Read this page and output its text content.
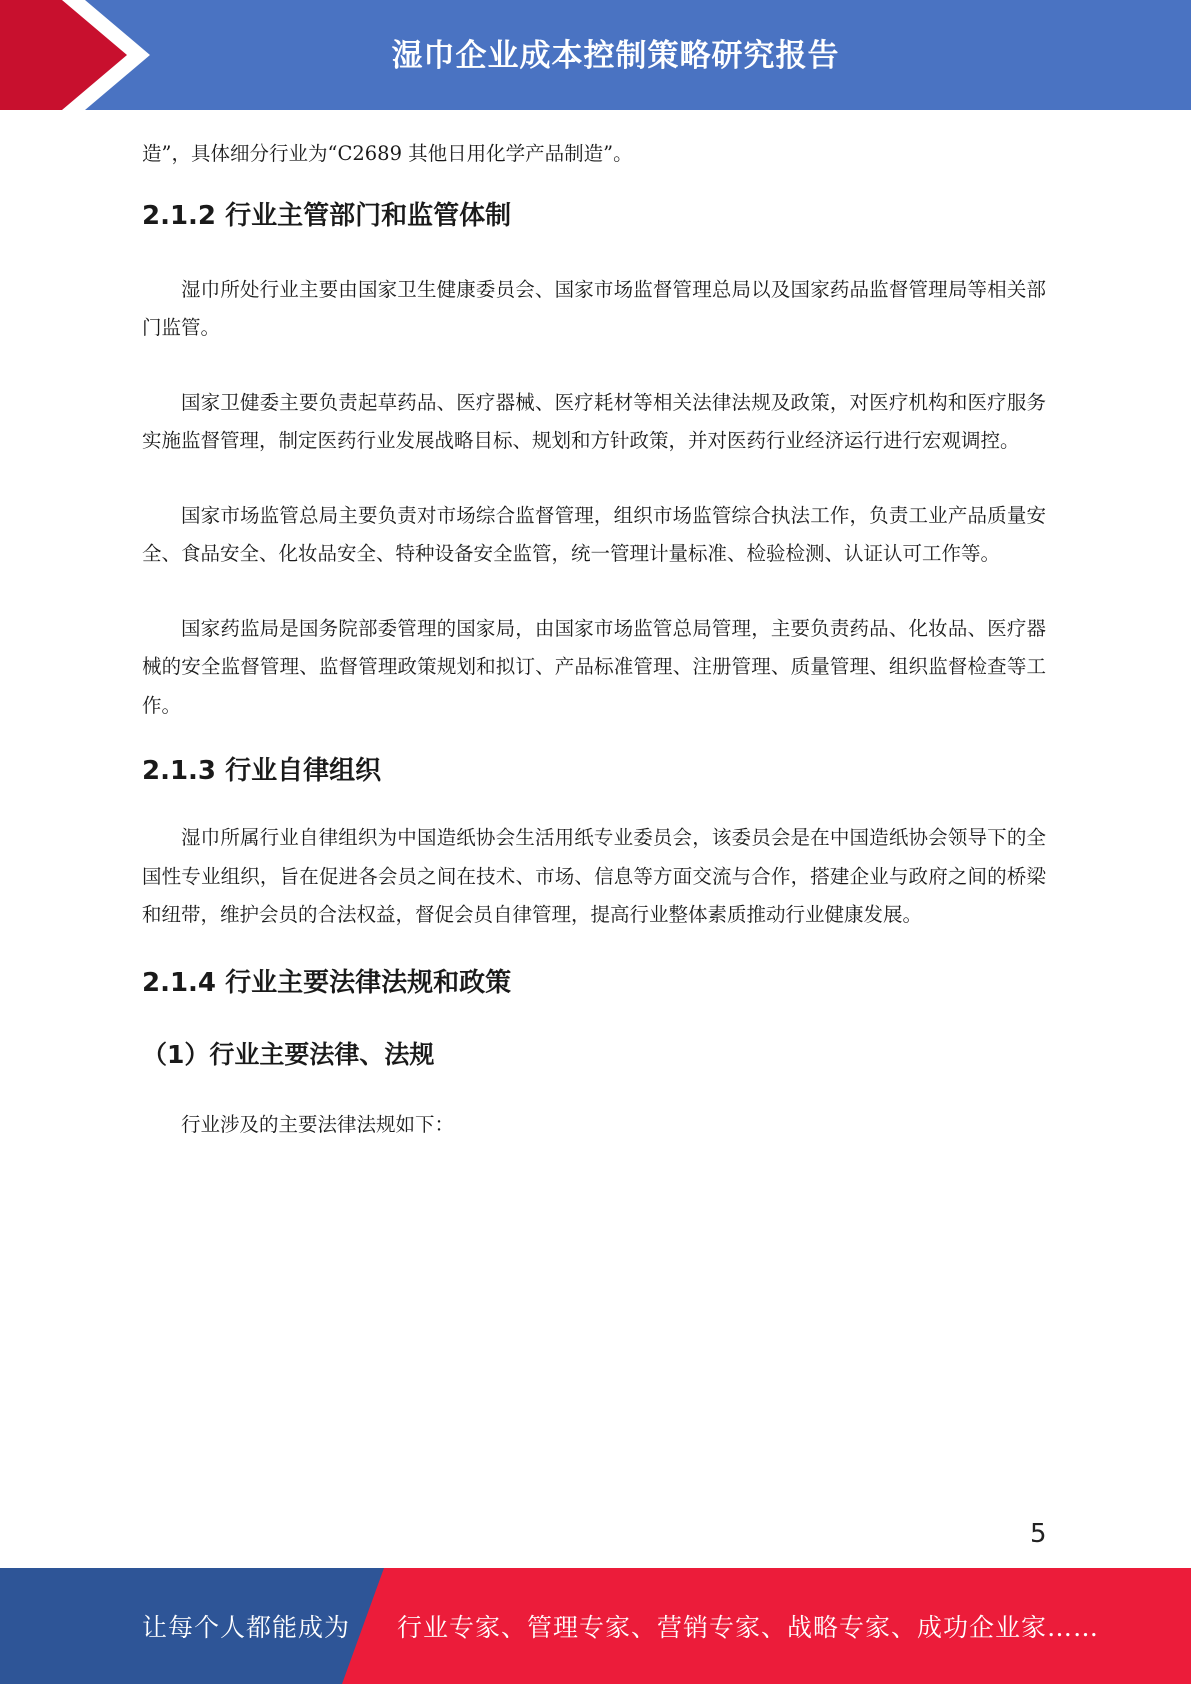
湿巾企业成本控制策略研究报告

造”，具体细分行业为“C2689 其他日用化学产品制造”。

2.1.2 行业主管部门和监管体制

湿巾所处行业主要由国家卫生健康委员会、国家市场监督管理总局以及国家药品监督管理局等相关部门监管。

国家卫健委主要负责起草药品、医疗器械、医疗耗材等相关法律法规及政策，对医疗机构和医疗服务实施监督管理，制定医药行业发展战略目标、规划和方针政策，并对医药行业经济运行进行宏观调控。

国家市场监管总局主要负责对市场综合监督管理，组织市场监管综合执法工作，负责工业产品质量安全、食品安全、化妆品安全、特种设备安全监管，统一管理计量标准、检验检测、认证认可工作等。

国家药监局是国务院部委管理的国家局，由国家市场监管总局管理，主要负责药品、化妆品、医疗器械的安全监督管理、监督管理政策规划和拟订、产品标准管理、注册管理、质量管理、组织监督检查等工作。

2.1.3 行业自律组织

湿巾所属行业自律组织为中国造纸协会生活用纸专业委员会，该委员会是在中国造纸协会领导下的全国性专业组织，旨在促进各会员之间在技术、市场、信息等方面交流与合作，搭建企业与政府之间的桥梁和纽带，维护会员的合法权益，督促会员自律管理，提高行业整体素质推动行业健康发展。

2.1.4 行业主要法律法规和政策
（1）行业主要法律、法规

行业涉及的主要法律法规如下：

5
让每个人都能成为 行业专家、管理专家、营销专家、战略专家、成功企业家……
